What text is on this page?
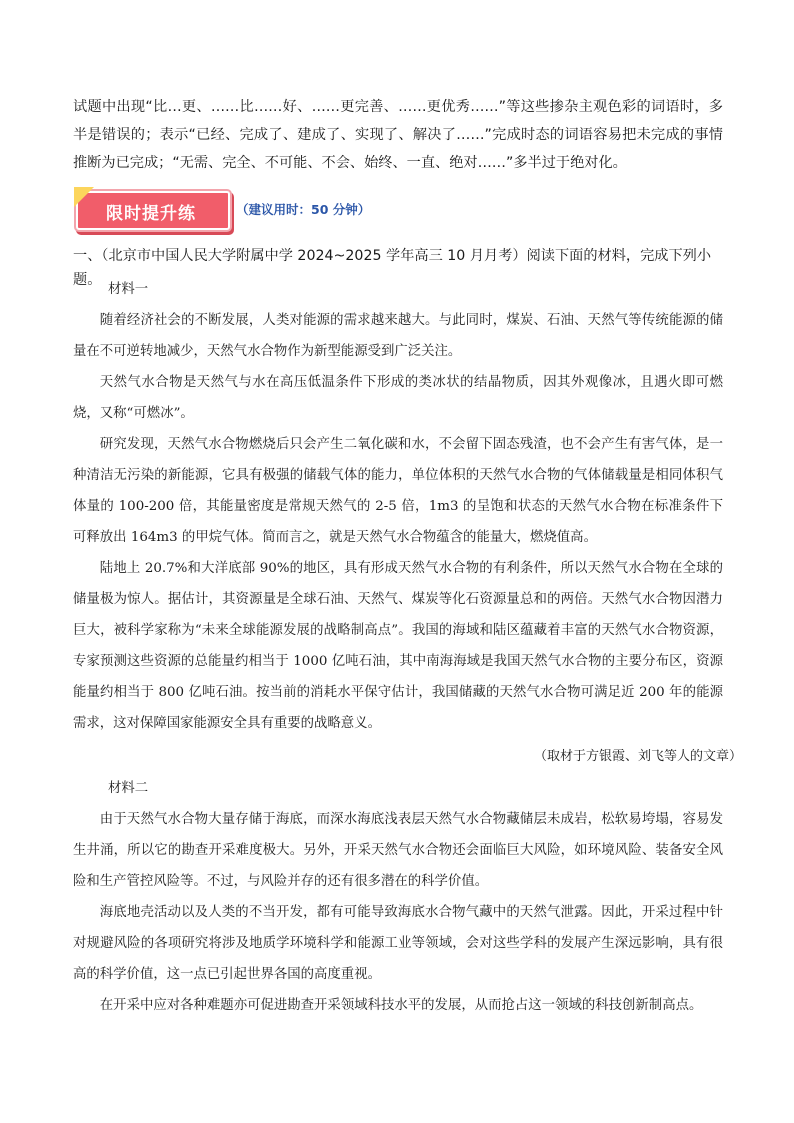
试题中出现“比…更、……比……好、……更完善、……更优秀……”等这些掺杂主观色彩的词语时，多半是错误的；表示“已经、完成了、建成了、实现了、解决了……”完成时态的词语容易把未完成的事情推断为已完成；“无需、完全、不可能、不会、始终、一直、绝对……”多半过于绝对化。

限时提升练	（建议用时：50 分钟）
一、（北京市中国人民大学附属中学 2024~2025 学年高三 10 月月考）阅读下面的材料，完成下列小题。
材料一

随着经济社会的不断发展，人类对能源的需求越来越大。与此同时，煤炭、石油、天然气等传统能源的储量在不可逆转地减少，天然气水合物作为新型能源受到广泛关注。

天然气水合物是天然气与水在高压低温条件下形成的类冰状的结晶物质，因其外观像冰，且遇火即可燃烧，又称“可燃冰”。

研究发现，天然气水合物燃烧后只会产生二氧化碳和水，不会留下固态残渣，也不会产生有害气体，是一种清洁无污染的新能源，它具有极强的储载气体的能力，单位体积的天然气水合物的气体储载量是相同体积气体量的 100-200 倍，其能量密度是常规天然气的 2-5 倍，1m3 的呈饱和状态的天然气水合物在标准条件下可释放出 164m3 的甲烷气体。简而言之，就是天然气水合物蕴含的能量大，燃烧值高。

陆地上 20.7%和大洋底部 90%的地区，具有形成天然气水合物的有利条件，所以天然气水合物在全球的储量极为惊人。据估计，其资源量是全球石油、天然气、煤炭等化石资源量总和的两倍。天然气水合物因潜力巨大，被科学家称为“未来全球能源发展的战略制高点”。我国的海域和陆区蕴藏着丰富的天然气水合物资源，专家预测这些资源的总能量约相当于 1000 亿吨石油，其中南海海域是我国天然气水合物的主要分布区，资源能量约相当于 800 亿吨石油。按当前的消耗水平保守估计，我国储藏的天然气水合物可满足近 200 年的能源需求，这对保障国家能源安全具有重要的战略意义。

（取材于方银霞、刘飞等人的文章）
材料二

由于天然气水合物大量存储于海底，而深水海底浅表层天然气水合物藏储层未成岩，松软易垮塌，容易发生井涌，所以它的勘查开采难度极大。另外，开采天然气水合物还会面临巨大风险，如环境风险、装备安全风险和生产管控风险等。不过，与风险并存的还有很多潜在的科学价值。

海底地壳活动以及人类的不当开发，都有可能导致海底水合物气藏中的天然气泄露。因此，开采过程中针对规避风险的各项研究将涉及地质学环境科学和能源工业等领域，会对这些学科的发展产生深远影响，具有很高的科学价值，这一点已引起世界各国的高度重视。

在开采中应对各种难题亦可促进勘查开采领域科技水平的发展，从而抢占这一领域的科技创新制高点。
